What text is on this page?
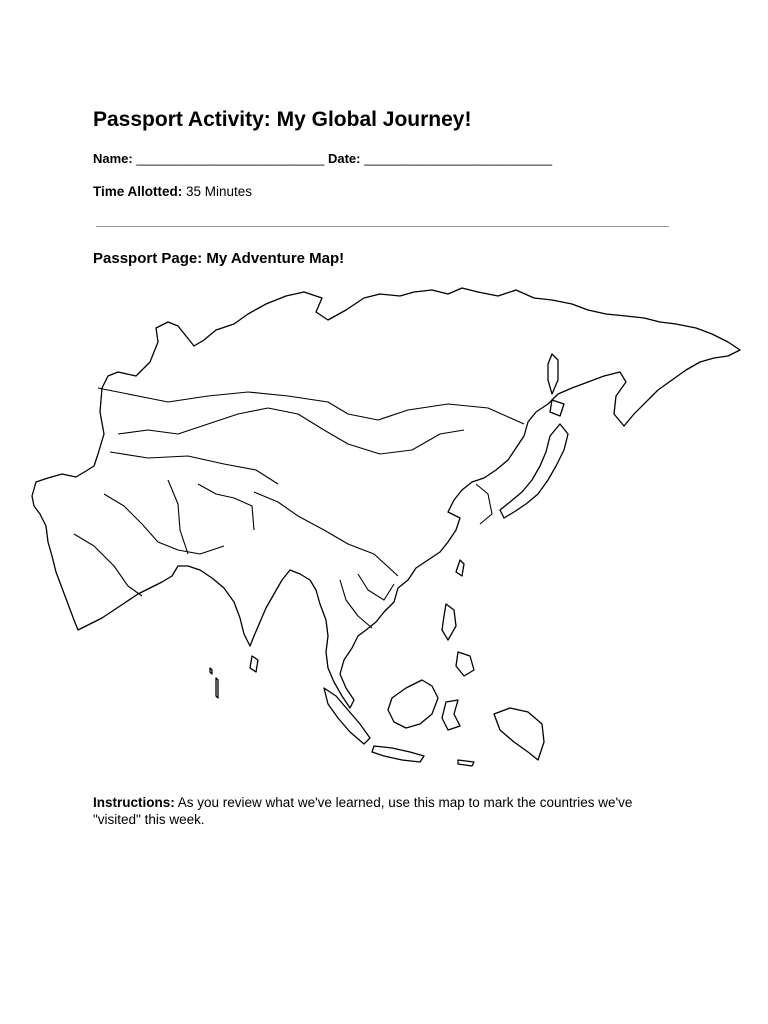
Passport Activity: My Global Journey!
Name: __________________________ Date: __________________________
Time Allotted: 35 Minutes
Passport Page: My Adventure Map!
Instructions: As you review what we've learned, use this map to mark the countries we've "visited" this week.
